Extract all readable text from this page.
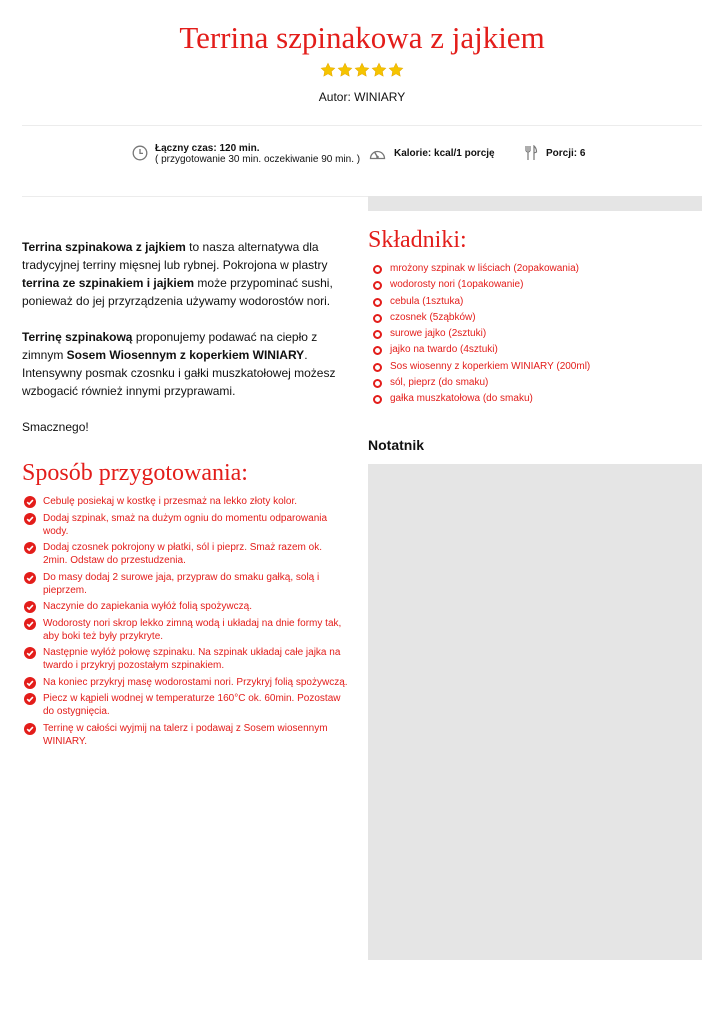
Terrina szpinakowa z jajkiem
Autor: WINIARY
Łączny czas: 120 min.
( przygotowanie 30 min. oczekiwanie 90 min. )
Kalorie: kcal/1 porcję	Porcji: 6

Terrina szpinakowa z jajkiem to nasza alternatywa dla tradycyjnej terriny mięsnej lub rybnej. Pokrojona w plastry terrina ze szpinakiem i jajkiem może przypominać sushi, ponieważ do jej przyrządzenia używamy wodorostów nori.

Terrinę szpinakową proponujemy podawać na ciepło z zimnym Sosem Wiosennym z koperkiem WINIARY. Intensywny posmak czosnku i gałki muszkatołowej możesz wzbogacić również innymi przyprawami.

Smacznego!

Składniki:
mrożony szpinak w liściach (2opakowania)
wodorosty nori (1opakowanie)
cebula (1sztuka)
czosnek (5ząbków)
surowe jajko (2sztuki)
jajko na twardo (4sztuki)
Sos wiosenny z koperkiem WINIARY (200ml)
sól, pieprz (do smaku)
gałka muszkatołowa (do smaku)
Notatnik
Sposób przygotowania:
Cebulę posiekaj w kostkę i przesmaż na lekko złoty kolor.
Dodaj szpinak, smaż na dużym ogniu do momentu odparowania wody.
Dodaj czosnek pokrojony w płatki, sól i pieprz. Smaż razem ok. 2min. Odstaw do przestudzenia.
Do masy dodaj 2 surowe jaja, przypraw do smaku gałką, solą i pieprzem.
Naczynie do zapiekania wyłóż folią spożywczą.
Wodorosty nori skrop lekko zimną wodą i układaj na dnie formy tak, aby boki też były przykryte.
Następnie wyłóż połowę szpinaku. Na szpinak układaj całe jajka na twardo i przykryj pozostałym szpinakiem.
Na koniec przykryj masę wodorostami nori. Przykryj folią spożywczą.
Piecz w kąpieli wodnej w temperaturze 160°C ok. 60min. Pozostaw do ostygnięcia.
Terrinę w całości wyjmij na talerz i podawaj z Sosem wiosennym WINIARY.
